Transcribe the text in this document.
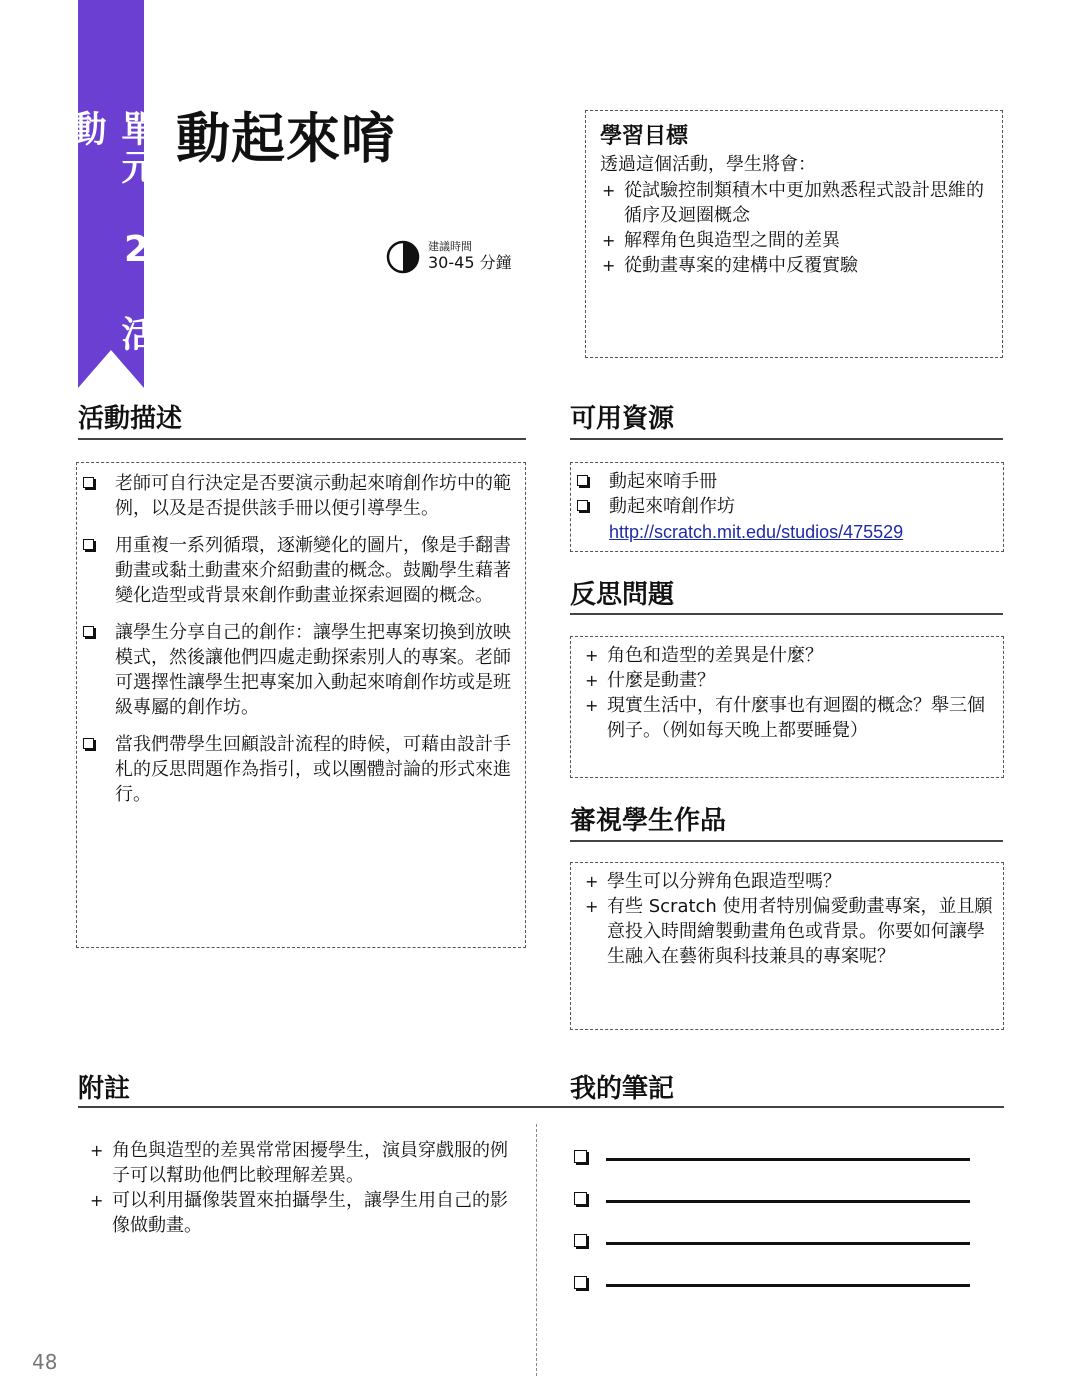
單元 2 活動	動起來唷
建議時間
30-45 分鐘
學習目標
透過這個活動，學生將會：
+ 從試驗控制類積木中更加熟悉程式設計思維的循序及迴圈概念
+ 解釋角色與造型之間的差異
+ 從動畫專案的建構中反覆實驗
活動描述
老師可自行決定是否要演示動起來唷創作坊中的範例，以及是否提供該手冊以便引導學生。
用重複一系列循環，逐漸變化的圖片，像是手翻書動畫或黏土動畫來介紹動畫的概念。鼓勵學生藉著變化造型或背景來創作動畫並探索迴圈的概念。
讓學生分享自己的創作：讓學生把專案切換到放映模式，然後讓他們四處走動探索別人的專案。老師可選擇性讓學生把專案加入動起來唷創作坊或是班級專屬的創作坊。
當我們帶學生回顧設計流程的時候，可藉由設計手札的反思問題作為指引，或以團體討論的形式來進行。
可用資源
動起來唷手冊
動起來唷創作坊
http://scratch.mit.edu/studios/475529
反思問題
+ 角色和造型的差異是什麼？
+ 什麼是動畫？
+ 現實生活中，有什麼事也有迴圈的概念？舉三個例子。（例如每天晚上都要睡覺）
審視學生作品
+ 學生可以分辨角色跟造型嗎？
+ 有些 Scratch 使用者特別偏愛動畫專案，並且願意投入時間繪製動畫角色或背景。你要如何讓學生融入在藝術與科技兼具的專案呢？
附註
+ 角色與造型的差異常常困擾學生，演員穿戲服的例子可以幫助他們比較理解差異。
+ 可以利用攝像裝置來拍攝學生，讓學生用自己的影像做動畫。
我的筆記
48
